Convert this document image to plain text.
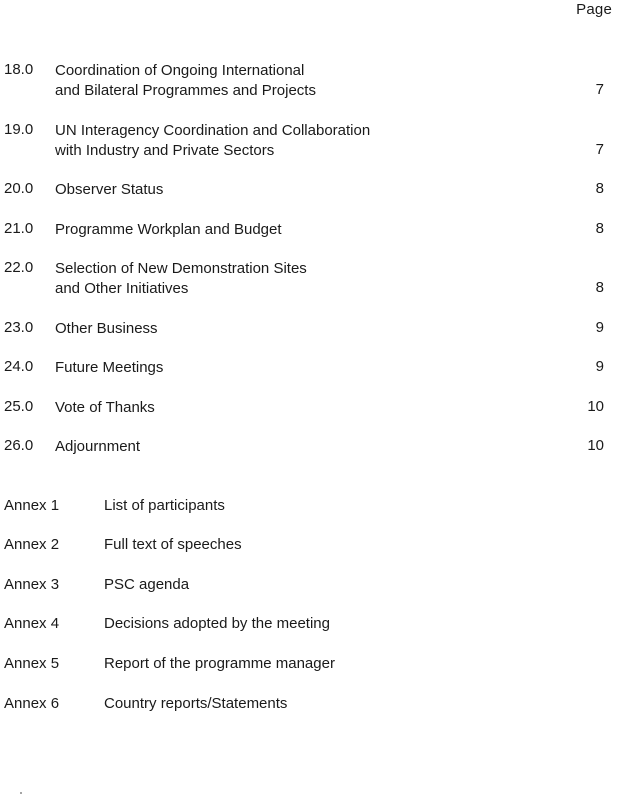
Page
18.0	Coordination of Ongoing International
and Bilateral Programmes and Projects	7
19.0	UN Interagency Coordination and Collaboration
with Industry and Private Sectors	7
20.0	Observer Status	8
21.0	Programme Workplan and Budget	8
22.0	Selection of New Demonstration Sites
and Other Initiatives	8
23.0	Other Business	9
24.0	Future Meetings	9
25.0	Vote of Thanks	10
26.0	Adjournment	10
Annex 1	List of participants
Annex 2	Full text of speeches
Annex 3	PSC agenda
Annex 4	Decisions adopted by the meeting
Annex 5	Report of the programme manager
Annex 6	Country reports/Statements
